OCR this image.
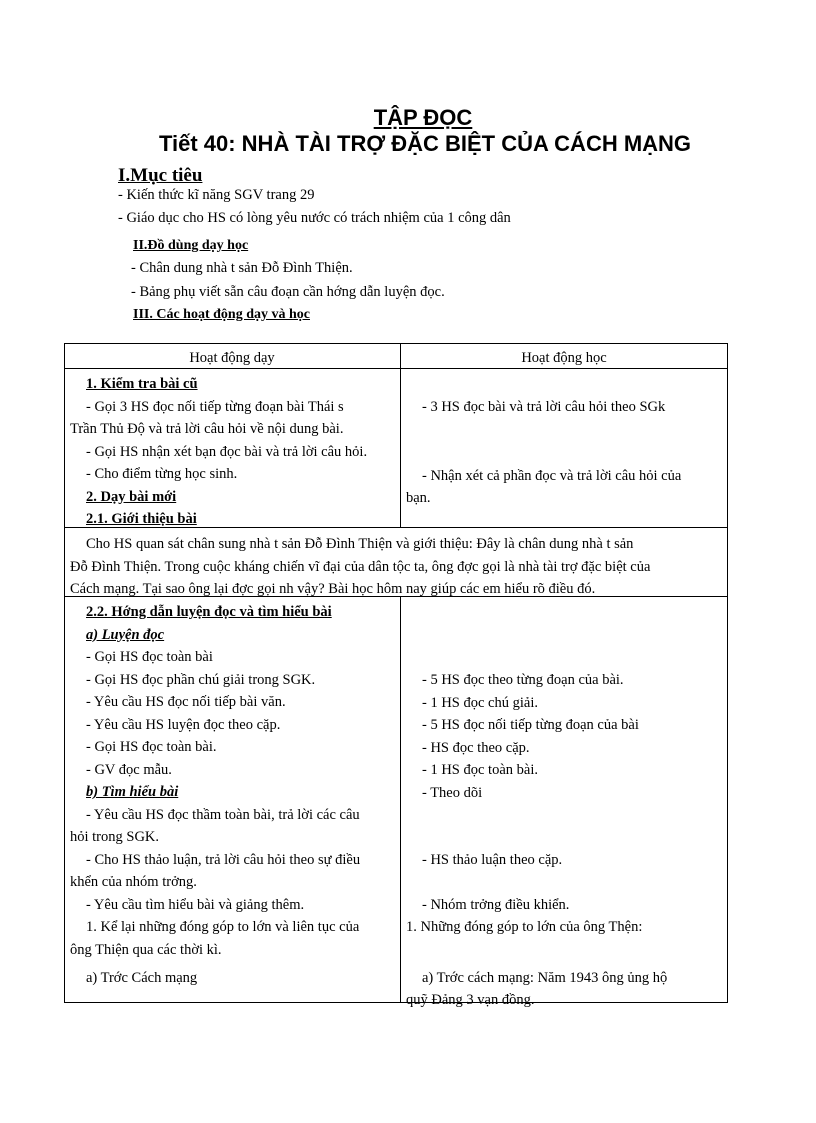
TẬP ĐỌC
Tiết 40: NHÀ TÀI TRỢ ĐẶC BIỆT CỦA CÁCH MẠNG
I.Mục tiêu
- Kiến thức kĩ năng SGV trang 29
- Giáo dục cho HS có lòng yêu nước có trách nhiệm của 1 công dân
II.Đồ dùng dạy học
- Chân dung nhà t sản Đỗ Đình Thiện.
- Bảng phụ viết sẵn câu đoạn cần hớng dẫn luyện đọc.
III. Các hoạt động dạy và học
Hoạt động dạy	Hoạt động học

1. Kiểm tra bài cũ

- Gọi 3 HS đọc nối tiếp từng đoạn bài Thái s

Trần Thủ Độ và trả lời câu hỏi về nội dung bài.

- Gọi HS nhận xét bạn đọc bài và trả lời câu hỏi.

- Cho điểm từng học sinh.

2. Dạy bài mới

2.1. Giới thiệu bài

- 3 HS đọc bài và trả lời câu hỏi theo SGk

- Nhận xét cả phần đọc và trả lời câu hỏi của

bạn.

Cho HS quan sát chân sung nhà t sản Đỗ Đình Thiện và giới thiệu: Đây là chân dung nhà t sản

Đỗ Đình Thiện. Trong cuộc kháng chiến vĩ đại của dân tộc ta, ông đợc gọi là nhà tài trợ đặc biệt của

Cách mạng. Tại sao ông lại đợc gọi nh vậy? Bài học hôm nay giúp các em hiểu rõ điều đó.

2.2. Hớng dẫn luyện đọc và tìm hiểu bài

a) Luyện đọc

- Gọi HS đọc toàn bài

- Gọi HS đọc phần chú giải trong SGK.

- Yêu cầu HS đọc nối tiếp bài văn.

- Yêu cầu HS luyện đọc theo cặp.

- Gọi HS đọc toàn bài.

- GV đọc mẫu.

b) Tìm hiểu bài

- Yêu cầu HS đọc thầm toàn bài, trả lời các câu

hỏi trong SGK.

- Cho HS thảo luận, trả lời câu hỏi theo sự điều

khển của nhóm trởng.

- Yêu cầu tìm hiểu bài và giảng thêm.

1. Kể lại những đóng góp to lớn và liên tục của

ông Thiện qua các thời kì.

a) Trớc Cách mạng

- 5 HS đọc theo từng đoạn của bài.

- 1 HS đọc chú giải.

- 5 HS đọc nối tiếp từng đoạn của bài

- HS đọc theo cặp.

- 1 HS đọc toàn bài.

- Theo dõi

- HS thảo luận theo cặp.

- Nhóm trởng điều khiển.

1. Những đóng góp to lớn của ông Thện:

a) Trớc cách mạng: Năm 1943 ông ủng hộ

quỹ Đảng 3 vạn đồng.
